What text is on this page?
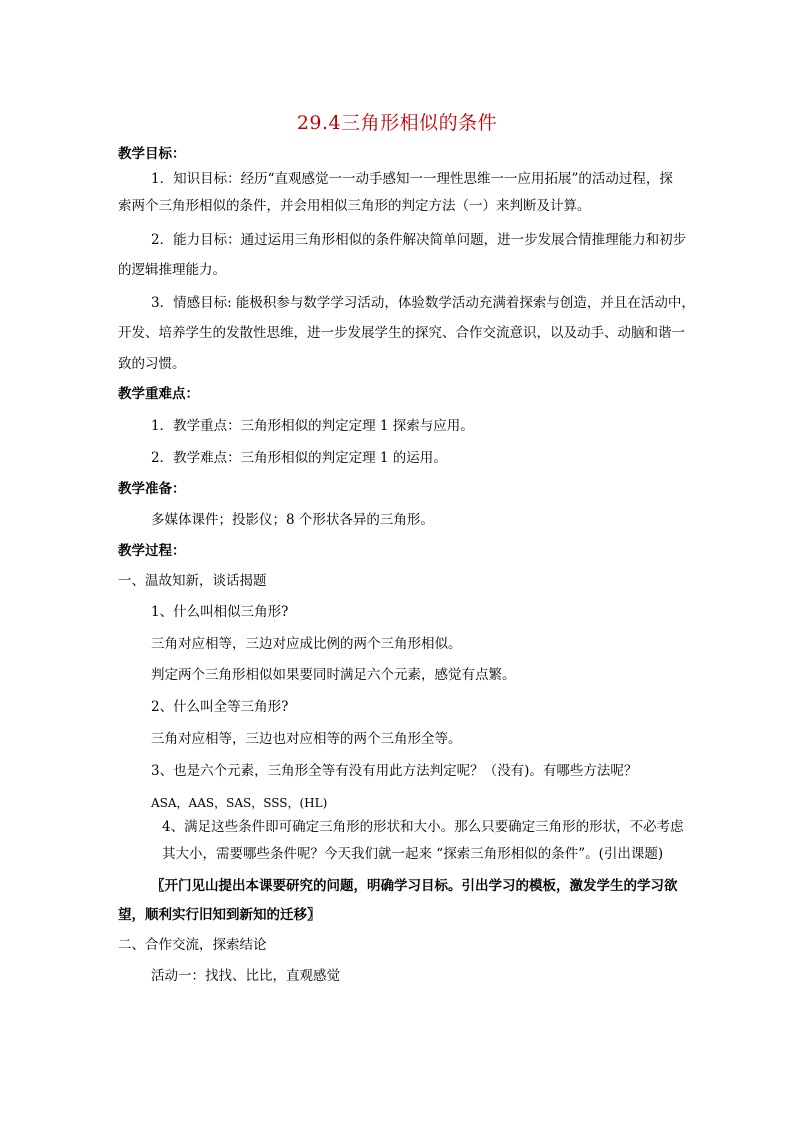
29.4三角形相似的条件
教学目标：
1．知识目标：经历“直观感觉一一动手感知一一理性思维一一应用拓展”的活动过程，探
索两个三角形相似的条件，并会用相似三角形的判定方法（一）来判断及计算。
2．能力目标：通过运用三角形相似的条件解决简单问题，进一步发展合情推理能力和初步
的逻辑推理能力。
3．情感目标: 能极积参与数学学习活动，体验数学活动充满着探索与创造，并且在活动中，
开发、培养学生的发散性思维，进一步发展学生的探究、合作交流意识，以及动手、动脑和谐一
致的习惯。
教学重难点：
1．教学重点：三角形相似的判定定理 1 探索与应用。
2．教学难点：三角形相似的判定定理 1 的运用。
教学准备：
多媒体课件；投影仪；8 个形状各异的三角形。
教学过程：
一、温故知新，谈话揭题
1、什么叫相似三角形?
三角对应相等，三边对应成比例的两个三角形相似。
判定两个三角形相似如果要同时满足六个元素，感觉有点繁。
2、什么叫全等三角形?
三角对应相等，三边也对应相等的两个三角形全等。
3、也是六个元素，三角形全等有没有用此方法判定呢？（没有)。有哪些方法呢？
ASA，AAS，SAS，SSS，(HL)
4、满足这些条件即可确定三角形的形状和大小。那么只要确定三角形的形状，不必考虑
其大小，需要哪些条件呢？今天我们就一起来 “探索三角形相似的条件”。(引出课题)
〖开门见山提出本课要研究的问题，明确学习目标。引出学习的模板，激发学生的学习欲
望，顺利实行旧知到新知的迁移〗
二、合作交流，探索结论
活动一：找找、比比，直观感觉
